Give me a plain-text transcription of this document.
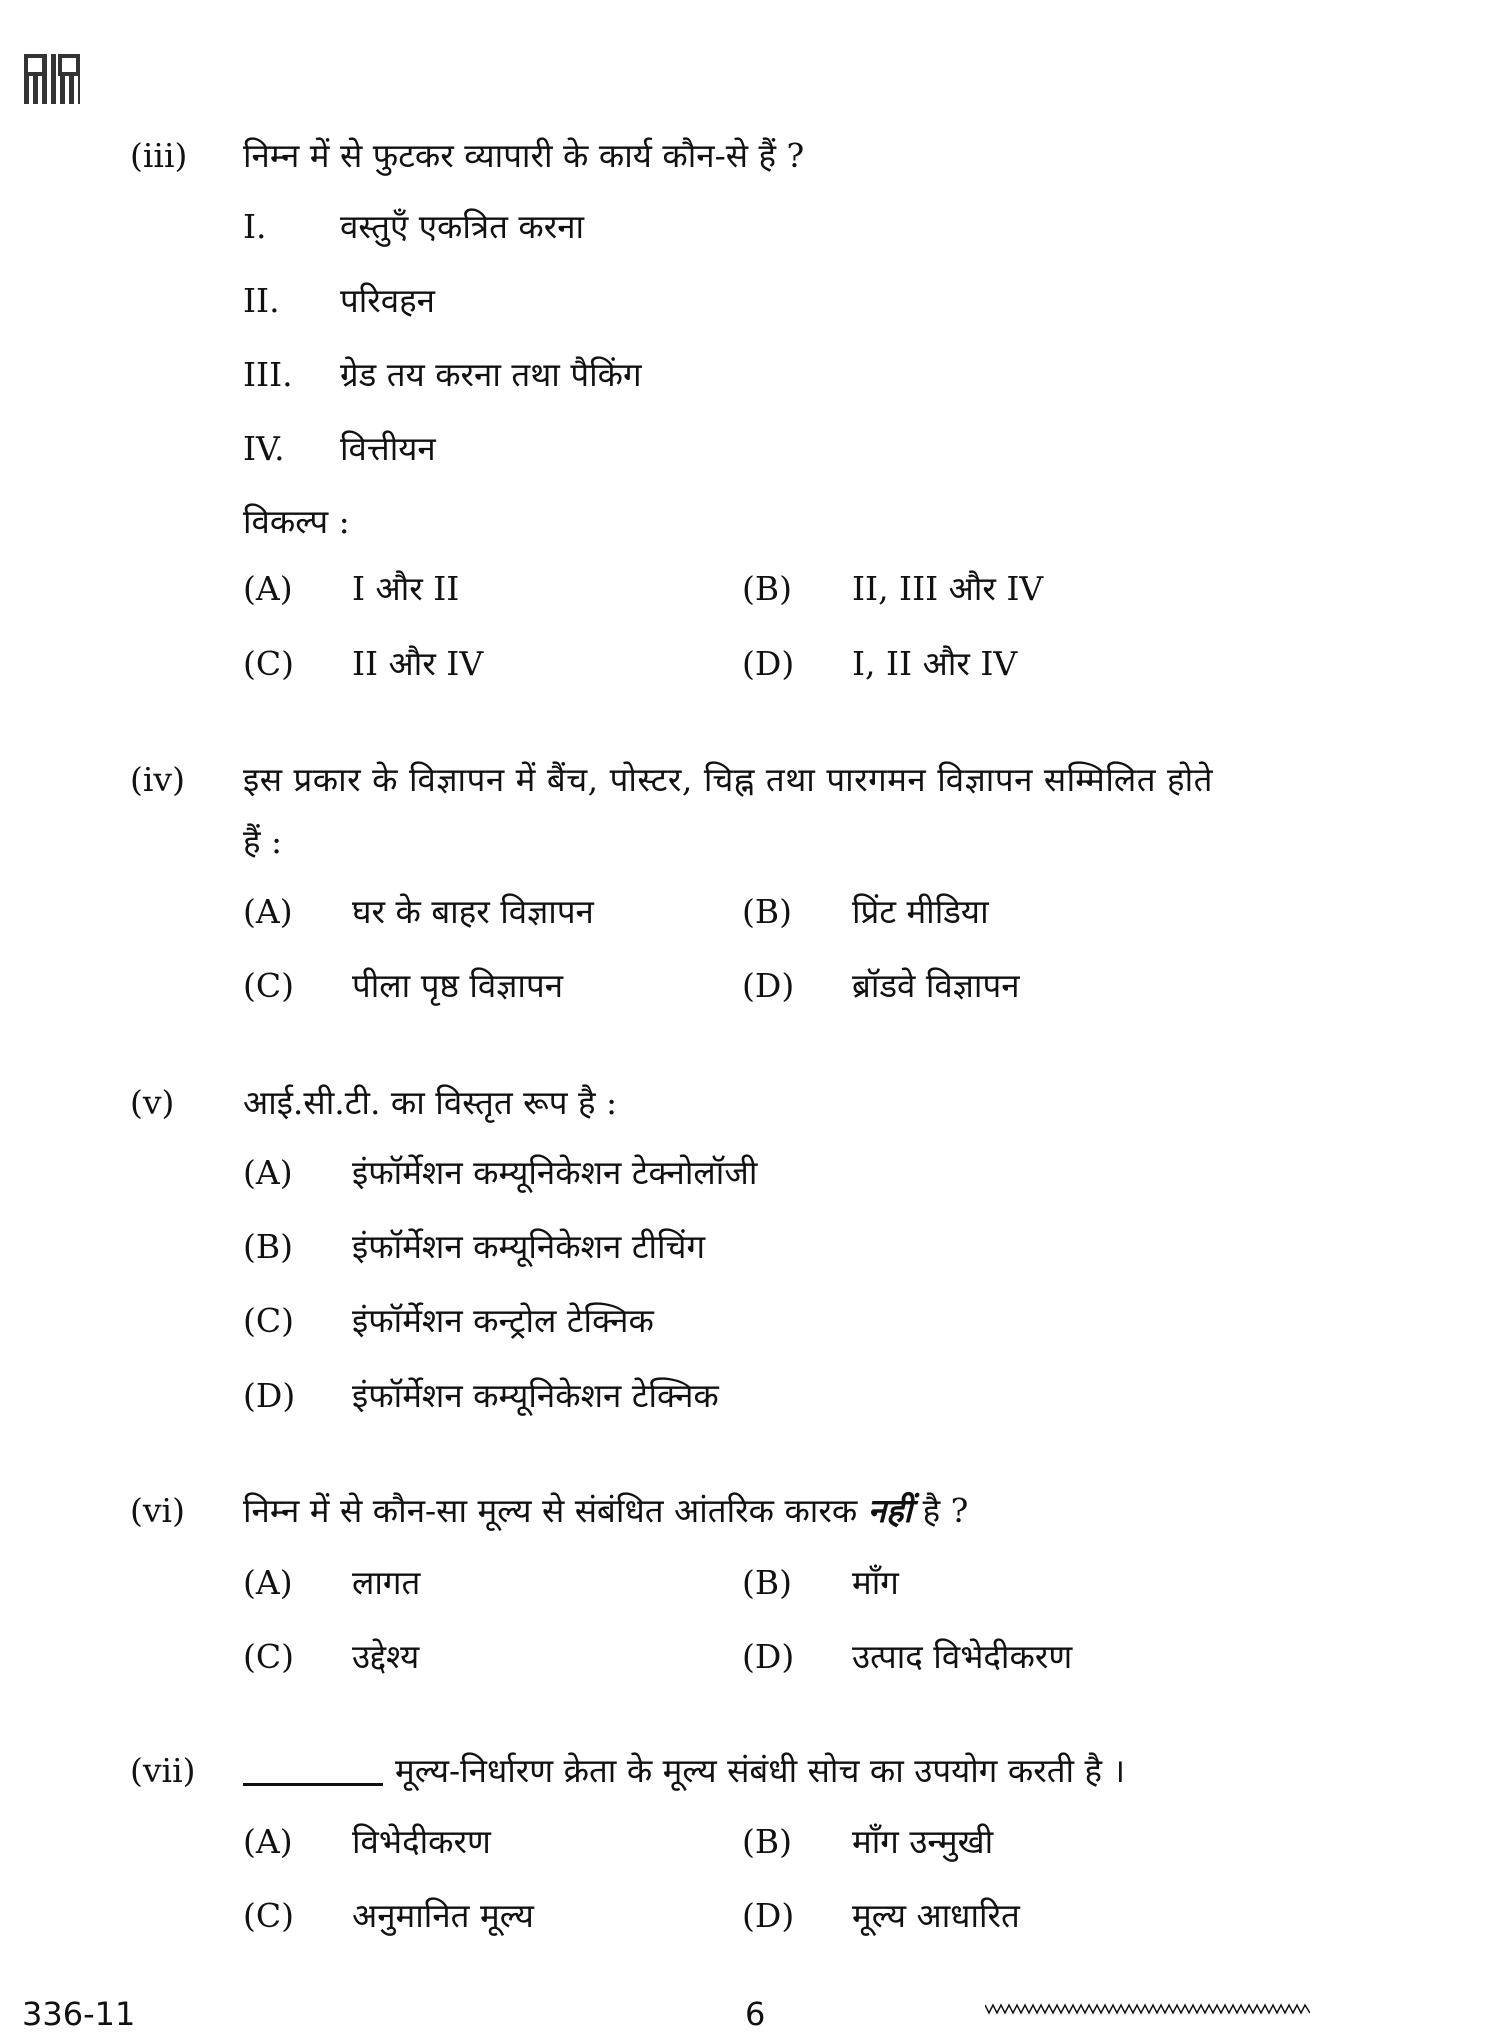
(iii) निम्न में से फुटकर व्यापारी के कार्य कौन-से हैं ?
I. वस्तुएँ एकत्रित करना
II. परिवहन
III. ग्रेड तय करना तथा पैकिंग
IV. वित्तीयन
विकल्प :
(A) I और II	(B) II, III और IV
(C) II और IV	(D) I, II और IV
(iv) इस प्रकार के विज्ञापन में बैंच, पोस्टर, चिह्न तथा पारगमन विज्ञापन सम्मिलित होते
हैं :
(A) घर के बाहर विज्ञापन	(B) प्रिंट मीडिया
(C) पीला पृष्ठ विज्ञापन	(D) ब्रॉडवे विज्ञापन
(v) आई.सी.टी. का विस्तृत रूप है :
(A) इंफॉर्मेशन कम्यूनिकेशन टेक्नोलॉजी
(B) इंफॉर्मेशन कम्यूनिकेशन टीचिंग
(C) इंफॉर्मेशन कन्ट्रोल टेक्निक
(D) इंफॉर्मेशन कम्यूनिकेशन टेक्निक
(vi) निम्न में से कौन-सा मूल्य से संबंधित आंतरिक कारक नहीं है ?
(A) लागत	(B) माँग
(C) उद्देश्य	(D) उत्पाद विभेदीकरण
(vii)	मूल्य-निर्धारण क्रेता के मूल्य संबंधी सोच का उपयोग करती है ।
(A) विभेदीकरण	(B) माँग उन्मुखी
(C) अनुमानित मूल्य	(D) मूल्य आधारित
336-11	6
